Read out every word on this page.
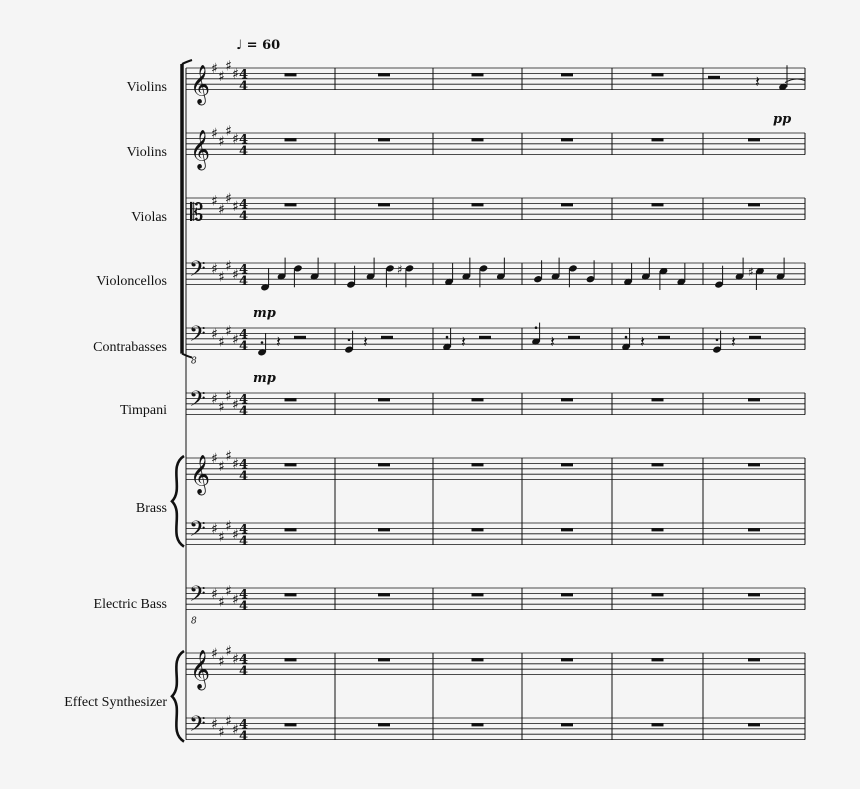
𝄞
𝄞
𝄡
𝄢
𝄢
𝄢
𝄞
𝄢
𝄢
𝄞
𝄢
♯
♯
♯
♯
♯
♯
♯
♯
♯
♯
♯
♯
♯
♯
♯
♯
♯
♯
♯
♯
♯
♯
♯
♯
♯
♯
♯
♯
♯
♯
♯
♯
♯
♯
♯
♯
♯
♯
♯
♯
♯
♯
♯
♯
4
4
4
4
4
4
4
4
4
4
4
4
4
4
4
4
4
4
4
4
4
4
𝄽
♯	♯
𝄽	𝄽	𝄽	𝄽	𝄽	𝄽
8
8
♩ = 60
Violins
Violins
Violas
Violoncellos
Contrabasses
Timpani
Brass
Electric Bass
Effect Synthesizer
pp
mp
mp
